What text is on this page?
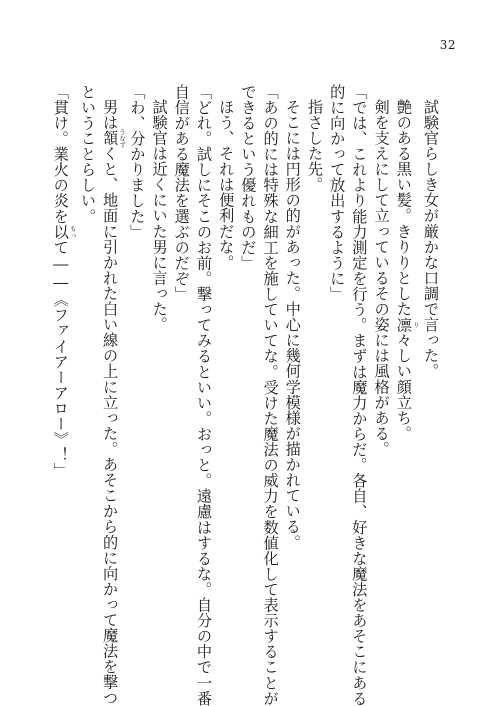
32
試験官らしき女が厳かな口調で言った。
艶のある黒い髪。きりりとした凛 り々しい顔立ち。
剣を支えにして立っているその姿には風格がある。
「では、これより能力測定を行う。まずは魔力からだ。各自、好きな魔法をあそこにある
的に向かって放出するように」
指さした先。
そこには円形の的があった。中心に幾何学模様が描かれている。
「あの的には特殊な細工を施していてな。受けた魔法の威力を数値化して表示することが
できるという優れものだ」
ほう、それは便利だな。
「どれ。試しにそこのお前。撃ってみるといい。おっと。遠慮はするな。自分の中で一番
自信がある魔法を選ぶのだぞ」
試験官は近くにいた男に言った。
「わ、分かりました」
男は頷 うなずくと、地面に引かれた白い線の上に立った。あそこから的に向かって魔法を撃つ
ということらしい。
「貫け。業火の炎を以 もって――《ファイアーアロー》！」
